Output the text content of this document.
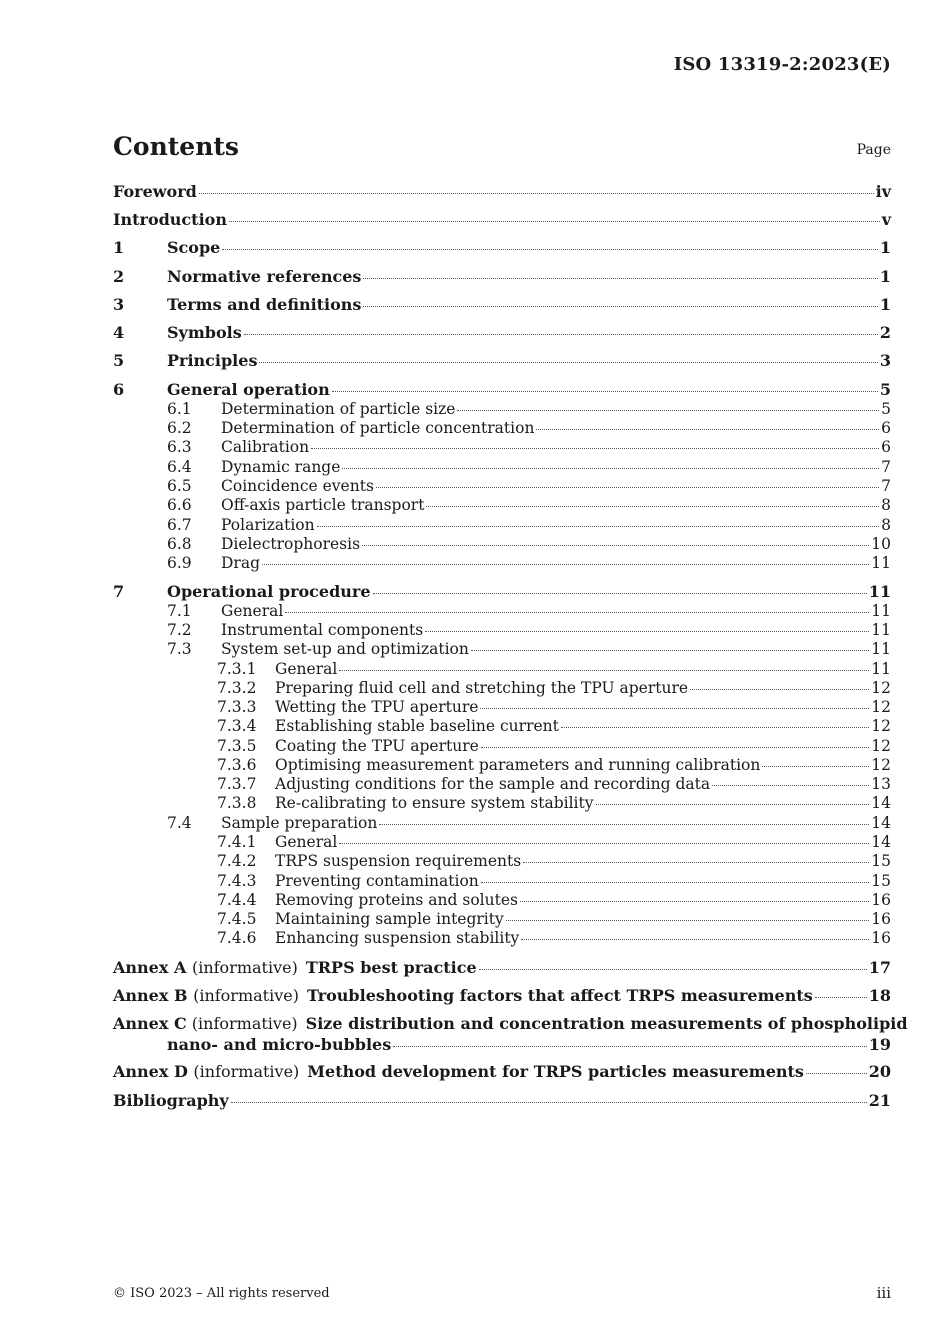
ISO 13319-2:2023(E)
Contents	Page
Foreword	iv
Introduction	v
1	Scope	1
2	Normative references	1
3	Terms and definitions	1
4	Symbols	2
5	Principles	3
6	General operation	5
6.1	Determination of particle size	5
6.2	Determination of particle concentration	6
6.3	Calibration	6
6.4	Dynamic range	7
6.5	Coincidence events	7
6.6	Off-axis particle transport	8
6.7	Polarization	8
6.8	Dielectrophoresis	10
6.9	Drag	11
7	Operational procedure	11
7.1	General	11
7.2	Instrumental components	11
7.3	System set-up and optimization	11
7.3.1	General	11
7.3.2	Preparing fluid cell and stretching the TPU aperture	12
7.3.3	Wetting the TPU aperture	12
7.3.4	Establishing stable baseline current	12
7.3.5	Coating the TPU aperture	12
7.3.6	Optimising measurement parameters and running calibration	12
7.3.7	Adjusting conditions for the sample and recording data	13
7.3.8	Re-calibrating to ensure system stability	14
7.4	Sample preparation	14
7.4.1	General	14
7.4.2	TRPS suspension requirements	15
7.4.3	Preventing contamination	15
7.4.4	Removing proteins and solutes	16
7.4.5	Maintaining sample integrity	16
7.4.6	Enhancing suspension stability	16
Annex A (informative) TRPS best practice	17
Annex B (informative) Troubleshooting factors that affect TRPS measurements	18
Annex C (informative) Size distribution and concentration measurements of phospholipid
nano- and micro-bubbles	19
Annex D (informative) Method development for TRPS particles measurements	20
Bibliography	21
© ISO 2023 – All rights reserved	iii
